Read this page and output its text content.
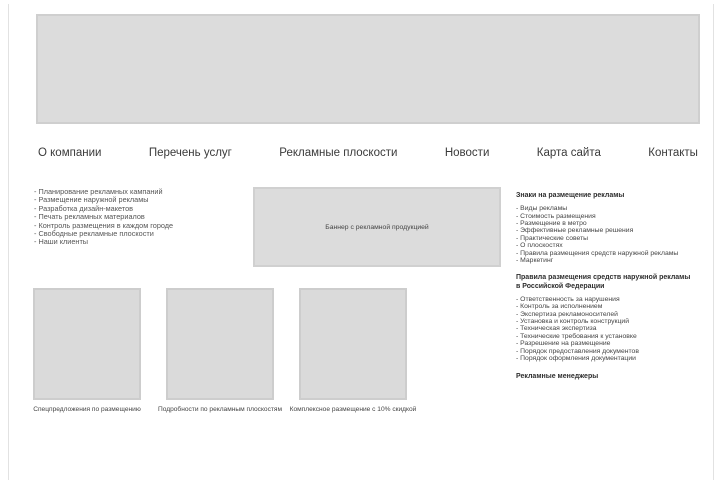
О компании	Перечень услуг	Рекламные плоскости	Новости	Карта сайта	Контакты
- Планирование рекламных кампаний
- Размещение наружной рекламы
- Разработка дизайн-макетов
- Печать рекламных материалов
- Контроль размещения в каждом городе
- Свободные рекламные плоскости
- Наши клиенты
Баннер с рекламной продукцией
Спецпредложения по размещению	Подробности по рекламным плоскостям	Комплексное размещение с 10% скидкой
Знаки на размещение рекламы
- Виды рекламы
- Стоимость размещения
- Размещение в метро
- Эффективные рекламные решения
- Практические советы
- О плоскостях
- Правила размещения средств наружной рекламы
- Маркетинг
Правила размещения средств наружной рекламы в Российской Федерации
- Ответственность за нарушения
- Контроль за исполнением
- Экспертиза рекламоносителей
- Установка и контроль конструкций
- Техническая экспертиза
- Технические требования к установке
- Разрешение на размещение
- Порядок предоставления документов
- Порядок оформления документации
Рекламные менеджеры
